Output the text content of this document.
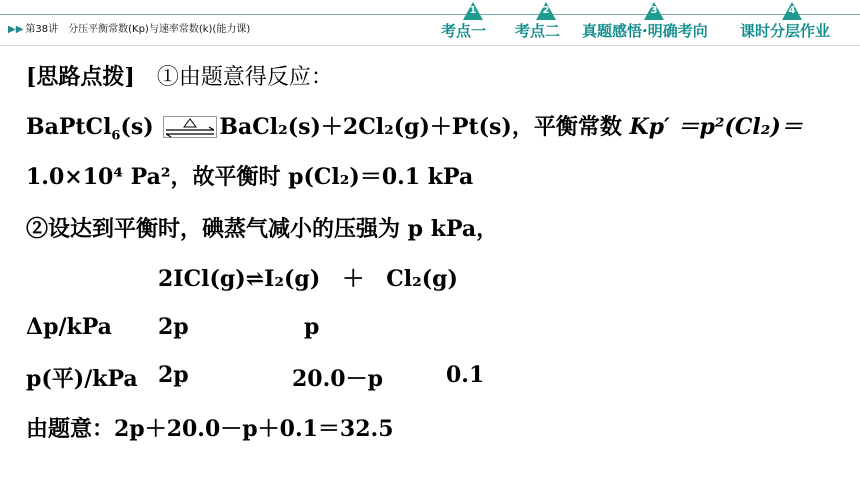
▶▶ 第38讲　分压平衡常数(Kp)与速率常数(k)(能力课)
1
考点一
2
考点二
3
真题感悟·明确考向
4
课时分层作业
[思路点拨]　 ①由题意得反应：
BaPtCl$_6$(s)	BaCl₂(s)＋2Cl₂(g)＋Pt(s)，平衡常数 Kp′ ＝p²(Cl₂)＝
1.0×10⁴ Pa²，故平衡时 p(Cl₂)＝0.1 kPa
②设达到平衡时，碘蒸气减小的压强为 p kPa，
2ICl(g)⇌I₂(g)　＋　Cl₂(g)
Δp/kPa 2p	p
p(平)/kPa 2p	20.0－p	0.1
由题意：2p＋20.0－p＋0.1＝32.5
